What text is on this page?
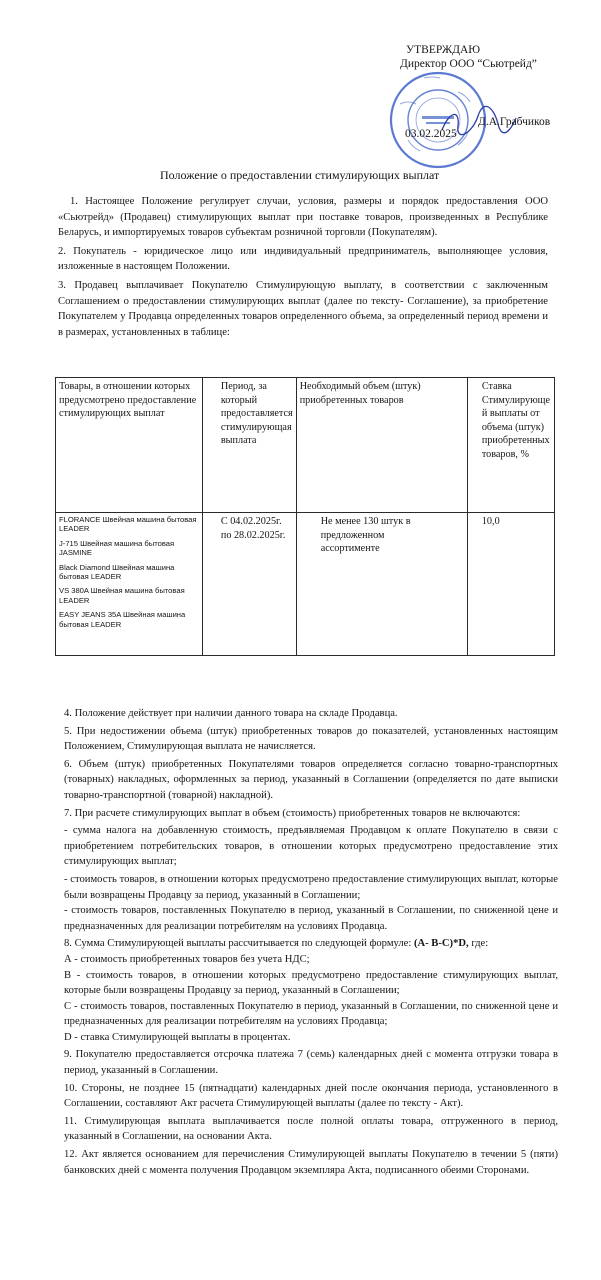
УТВЕРЖДАЮ
Директор ООО “Сьютрейд”
Д.А.Грабчиков
03.02.2025
Положение о предоставлении стимулирующих выплат

1. Настоящее Положение регулирует случаи, условия, размеры и порядок предоставления ООО «Сьютрейд» (Продавец) стимулирующих выплат при поставке товаров, произведенных в Республике Беларусь, и импортируемых товаров субъектам розничной торговли (Покупателям).

2. Покупатель - юридическое лицо или индивидуальный предприниматель, выполняющее условия, изложенные в настоящем Положении.

3. Продавец выплачивает Покупателю Стимулирующую выплату, в соответствии с заключенным Соглашением о предоставлении стимулирующих выплат (далее по тексту- Соглашение), за приобретение Покупателем у Продавца определенных товаров определенного объема, за определенный период времени и в размерах, установленных в таблице:

Товары, в отношении которых предусмотрено предоставление стимулирующих выплат	Период, за который предоставляется стимулирующая выплата	Необходимый объем (штук) приобретенных товаров	Ставка Стимулирующей выплаты от объема (штук) приобретенных товаров, %

FLORANCE Швейная машина бытовая LEADER
J-715 Швейная машина бытовая JASMINE
Black Diamond Швейная машина бытовая LEADER
VS 380A Швейная машина бытовая LEADER
EASY JEANS 35A Швейная машина бытовая LEADER	С 04.02.2025г. по 28.02.2025г.	Не менее 130 штук в предложенном ассортименте	10,0

4. Положение действует при наличии данного товара на складе Продавца.

5. При недостижении объема (штук) приобретенных товаров до показателей, установленных настоящим Положением, Стимулирующая выплата не начисляется.

6. Объем (штук) приобретенных Покупателями товаров определяется согласно товарно-транспортных (товарных) накладных, оформленных за период, указанный в Соглашении (определяется по дате выписки товарно-транспортной (товарной) накладной).

7. При расчете стимулирующих выплат в объем (стоимость) приобретенных товаров не включаются:

- сумма налога на добавленную стоимость, предъявляемая Продавцом к оплате Покупателю в связи с приобретением потребительских товаров, в отношении которых предусмотрено предоставление этих стимулирующих выплат;

- стоимость товаров, в отношении которых предусмотрено предоставление стимулирующих выплат, которые были возвращены Продавцу за период, указанный в Соглашении;

- стоимость товаров, поставленных Покупателю в период, указанный в Соглашении, по сниженной цене и предназначенных для реализации потребителям на условиях Продавца.

8. Сумма Стимулирующей выплаты рассчитывается по следующей формуле: (А- В-С)*D, где:

А - стоимость приобретенных товаров без учета НДС;

В - стоимость товаров, в отношении которых предусмотрено предоставление стимулирующих выплат, которые были возвращены Продавцу за период, указанный в Соглашении;

С - стоимость товаров, поставленных Покупателю в период, указанный в Соглашении, по сниженной цене и предназначенных для реализации потребителям на условиях Продавца;

D - ставка Стимулирующей выплаты в процентах.

9. Покупателю предоставляется отсрочка платежа 7 (семь) календарных дней с момента отгрузки товара в период, указанный в Соглашении.

10. Стороны, не позднее 15 (пятнадцати) календарных дней после окончания периода, установленного в Соглашении, составляют Акт расчета Стимулирующей выплаты (далее по тексту - Акт).

11. Стимулирующая выплата выплачивается после полной оплаты товара, отгруженного в период, указанный в Соглашении, на основании Акта.

12. Акт является основанием для перечисления Стимулирующей выплаты Покупателю в течении 5 (пяти) банковских дней с момента получения Продавцом экземпляра Акта, подписанного обеими Сторонами.
